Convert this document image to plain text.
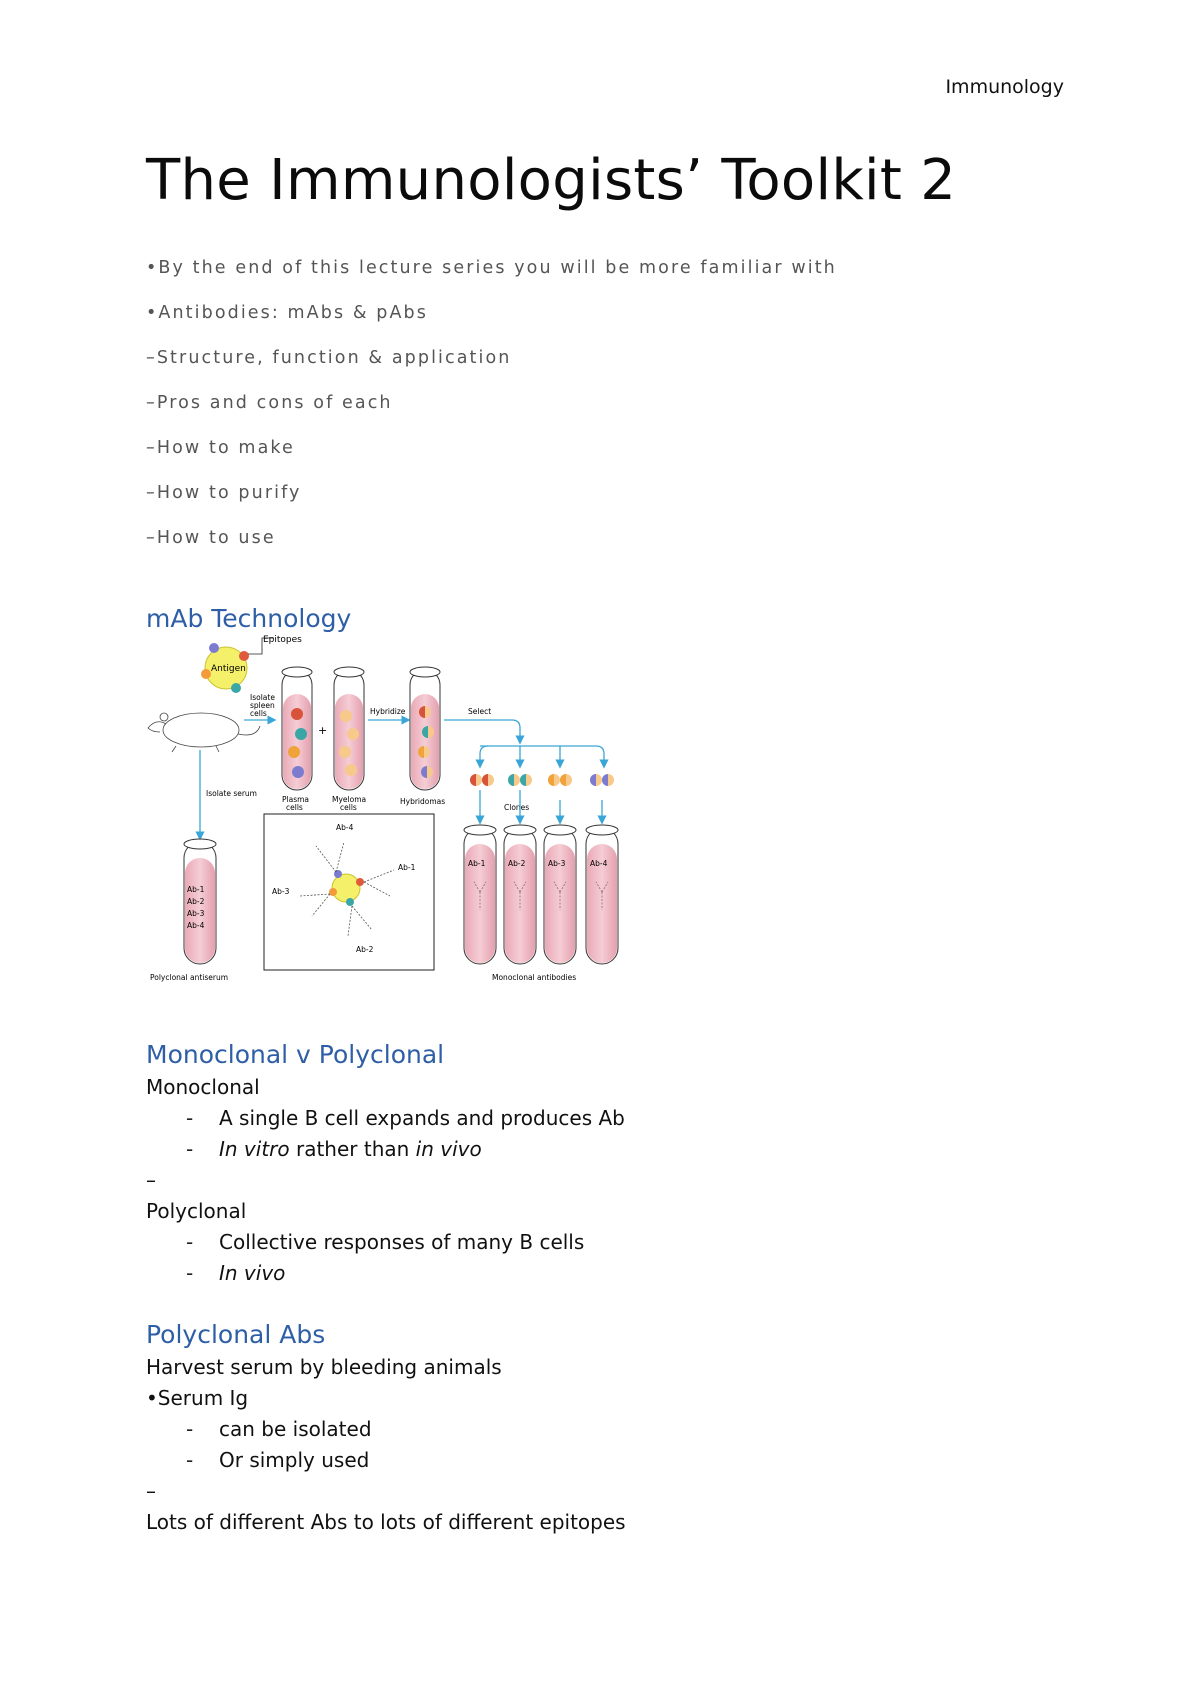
Immunology
The Immunologists’ Toolkit 2
•By the end of this lecture series you will be more familiar with
•Antibodies: mAbs & pAbs
–Structure, function & application
–Pros and cons of each
–How to make
–How to purify
–How to use
mAb Technology
Antigen
Epitopes
Isolate
spleen
cells
Isolate serum
Plasma
cells
+
Myeloma
cells
Hybridize
Hybridomas
Select
Clones
Ab-1
Ab-2
Ab-3
Ab-4
Polyclonal antiserum
Ab-4
Ab-1
Ab-3
Ab-2
Ab-1	Ab-2	Ab-3	Ab-4
Monoclonal antibodies
Monoclonal v Polyclonal
Monoclonal
- A single B cell expands and produces Ab
- In vitro rather than in vivo
–
Polyclonal
- Collective responses of many B cells
- In vivo
Polyclonal Abs
Harvest serum by bleeding animals
•Serum Ig
- can be isolated
- Or simply used
–
Lots of different Abs to lots of different epitopes
